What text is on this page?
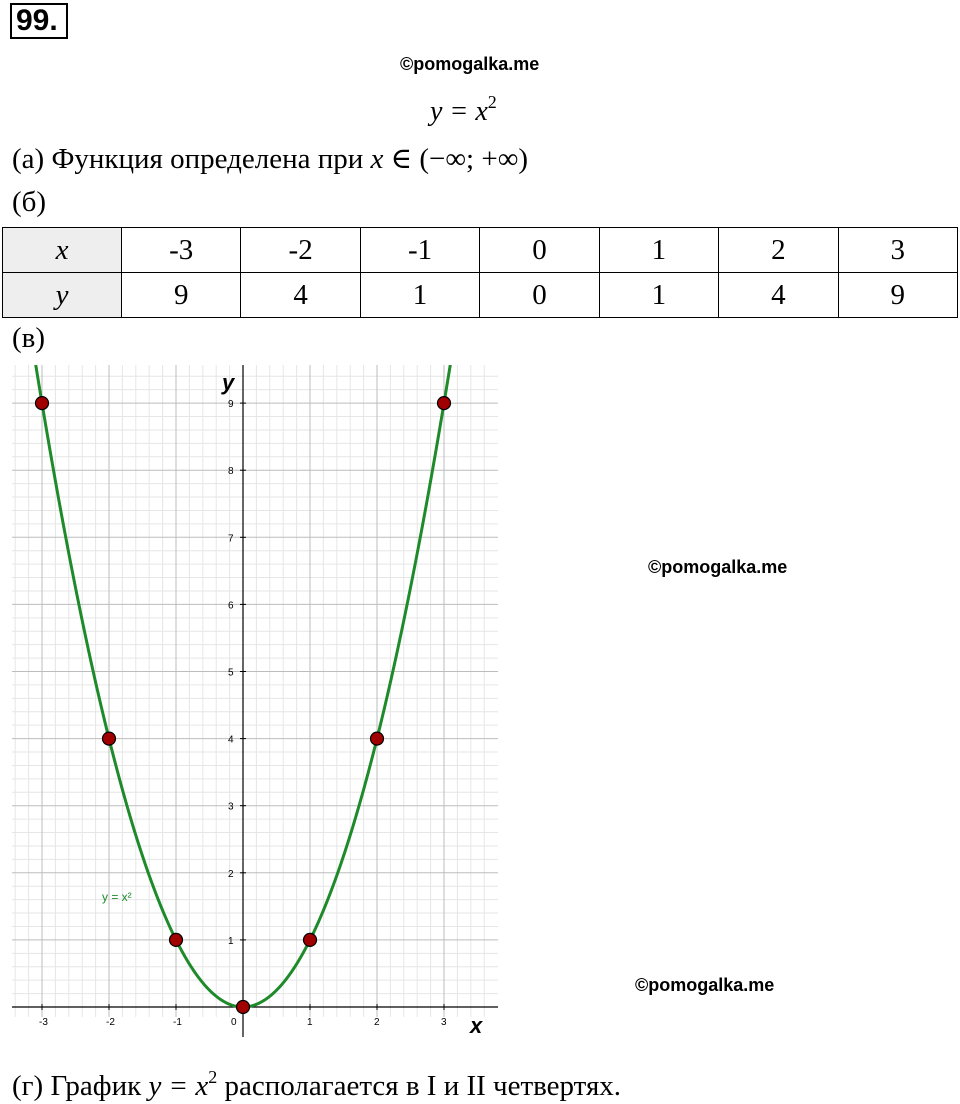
99.
©pomogalka.me
$y = x^2$
(а) Функция определена при x ∈ (−∞; +∞)
(б)
x	-3	-2	-1	0	1	2	3
y	9	4	1	0	1	4	9
(в)
-3	-2	-1	0	1	2	3
1
2
3
4
5
6
7
8
9
y = x²
y
x
©pomogalka.me
©pomogalka.me
(г) График $y = x^2$ располагается в I и II четвертях.
